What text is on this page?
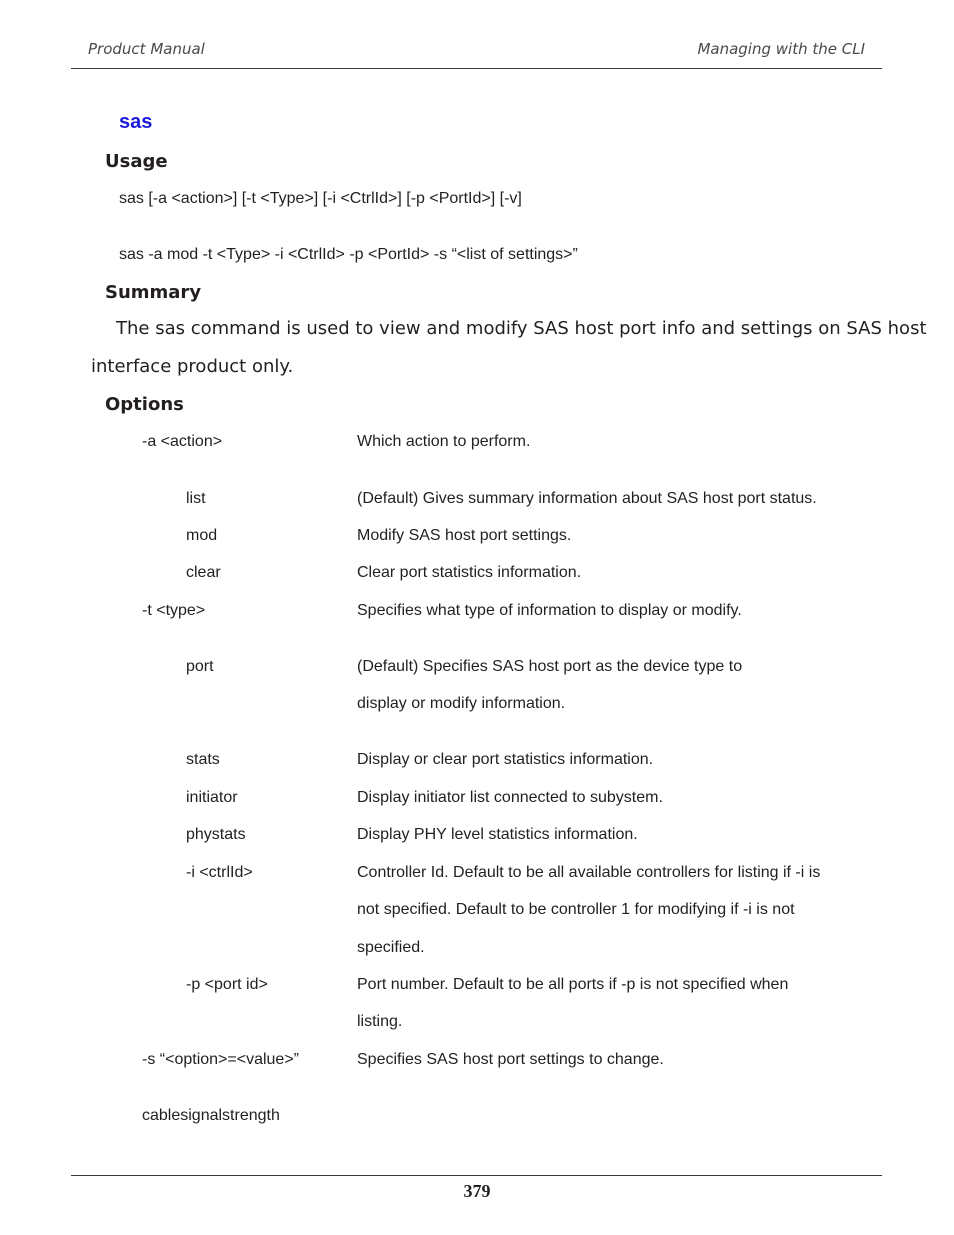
Product Manual	Managing with the CLI
sas
Usage
sas [-a <action>] [-t <Type>] [-i <CtrlId>] [-p <PortId>] [-v]
sas -a mod -t <Type> -i <CtrlId> -p <PortId> -s “<list of settings>”
Summary
The sas command is used to view and modify SAS host port info and settings on SAS host
interface product only.
Options
-a <action>	Which action to perform.
list	(Default) Gives summary information about SAS host port status.
mod	Modify SAS host port settings.
clear	Clear port statistics information.
-t <type>	Specifies what type of information to display or modify.
port	(Default) Specifies SAS host port as the device type to
display or modify information.
stats	Display or clear port statistics information.
initiator	Display initiator list connected to subystem.
phystats	Display PHY level statistics information.
-i <ctrlId>	Controller Id. Default to be all available controllers for listing if -i is
not specified. Default to be controller 1 for modifying if -i is not
specified.
-p <port id>	Port number. Default to be all ports if -p is not specified when
listing.
-s “<option>=<value>”	Specifies SAS host port settings to change.
cablesignalstrength
379
